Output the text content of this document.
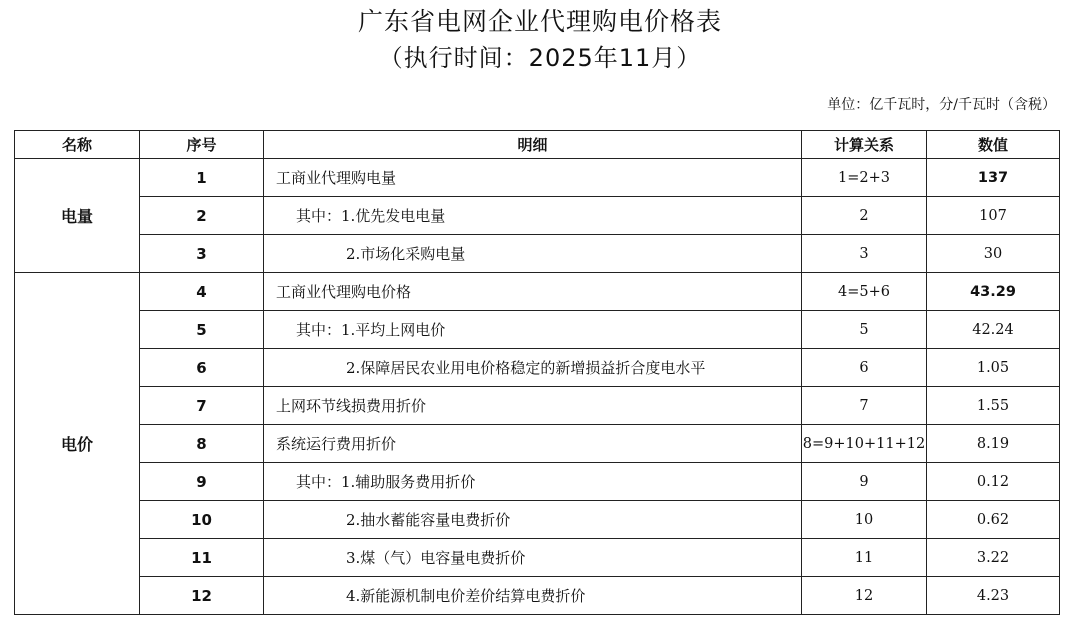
广东省电网企业代理购电价格表
（执行时间：2025年11月）
单位：亿千瓦时，分/千瓦时（含税）
名称	序号	明细	计算关系	数值
电量	1	工商业代理购电量	1=2+3	137
	2	其中：1.优先发电电量	2	107
	3	2.市场化采购电量	3	30
电价	4	工商业代理购电价格	4=5+6	43.29
	5	其中：1.平均上网电价	5	42.24
	6	2.保障居民农业用电价格稳定的新增损益折合度电水平	6	1.05
	7	上网环节线损费用折价	7	1.55
	8	系统运行费用折价	8=9+10+11+12	8.19
	9	其中：1.辅助服务费用折价	9	0.12
	10	2.抽水蓄能容量电费折价	10	0.62
	11	3.煤（气）电容量电费折价	11	3.22
	12	4.新能源机制电价差价结算电费折价	12	4.23
